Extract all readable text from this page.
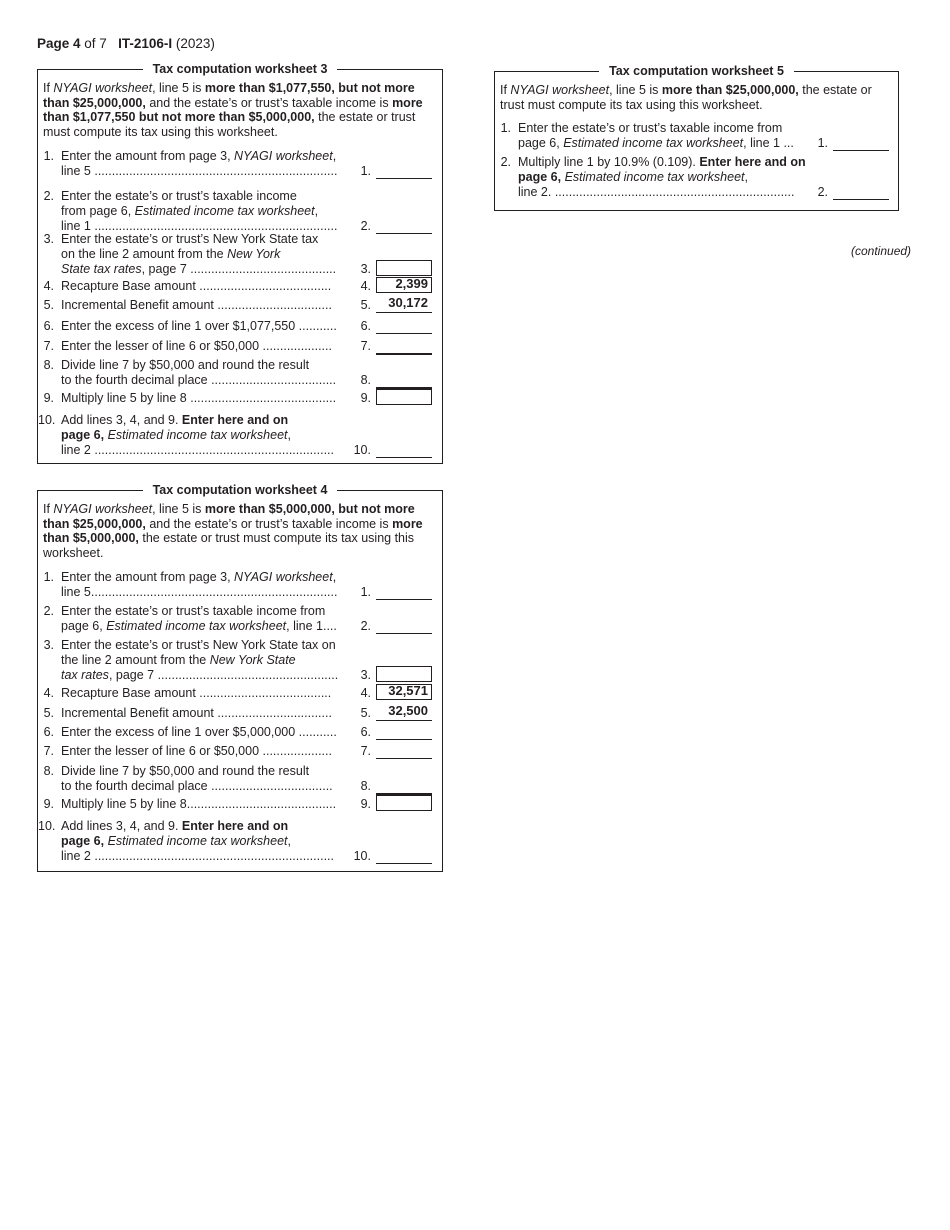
Page 4 of 7 IT-2106-I (2023)
(continued)
Tax computation worksheet 3
If NYAGI worksheet, line 5 is more than $1,077,550, but not more than $25,000,000, and the estate’s or trust’s taxable income is more than $1,077,550 but not more than $5,000,000, the estate or trust must compute its tax using this worksheet.
1. Enter the amount from page 3, NYAGI worksheet,
line 5 ......................................................................	1.
2. Enter the estate’s or trust’s taxable income
from page 6, Estimated income tax worksheet,
line 1 ......................................................................	2.
3. Enter the estate’s or trust’s New York State tax
on the line 2 amount from the New York
State tax rates, page 7 ..........................................	3.
4. Recapture Base amount ......................................	4.	2,399
5. Incremental Benefit amount .................................	5.	30,172
6. Enter the excess of line 1 over $1,077,550 ...........	6.
7. Enter the lesser of line 6 or $50,000 ....................	7.
8. Divide line 7 by $50,000 and round the result
to the fourth decimal place ....................................	8.
9. Multiply line 5 by line 8 ..........................................	9.
10. Add lines 3, 4, and 9. Enter here and on
page 6, Estimated income tax worksheet,
line 2 .....................................................................	10.
Tax computation worksheet 4
If NYAGI worksheet, line 5 is more than $5,000,000, but not more than $25,000,000, and the estate’s or trust’s taxable income is more than $5,000,000, the estate or trust must compute its tax using this worksheet.
1. Enter the amount from page 3, NYAGI worksheet,
line 5.......................................................................	1.
2. Enter the estate’s or trust’s taxable income from
page 6, Estimated income tax worksheet, line 1....	2.
3. Enter the estate’s or trust’s New York State tax on
the line 2 amount from the New York State
tax rates, page 7 ....................................................	3.
4. Recapture Base amount ......................................	4.	32,571
5. Incremental Benefit amount .................................	5.	32,500
6. Enter the excess of line 1 over $5,000,000 ...........	6.
7. Enter the lesser of line 6 or $50,000 ....................	7.
8. Divide line 7 by $50,000 and round the result
to the fourth decimal place ...................................	8.
9. Multiply line 5 by line 8...........................................	9.
10. Add lines 3, 4, and 9. Enter here and on
page 6, Estimated income tax worksheet,
line 2 .....................................................................	10.
Tax computation worksheet 5
If NYAGI worksheet, line 5 is more than $25,000,000, the estate or trust must compute its tax using this worksheet.
1. Enter the estate’s or trust’s taxable income from
page 6, Estimated income tax worksheet, line 1 ...	1.
2. Multiply line 1 by 10.9% (0.109). Enter here and on
page 6, Estimated income tax worksheet,
line 2. .....................................................................	2.
